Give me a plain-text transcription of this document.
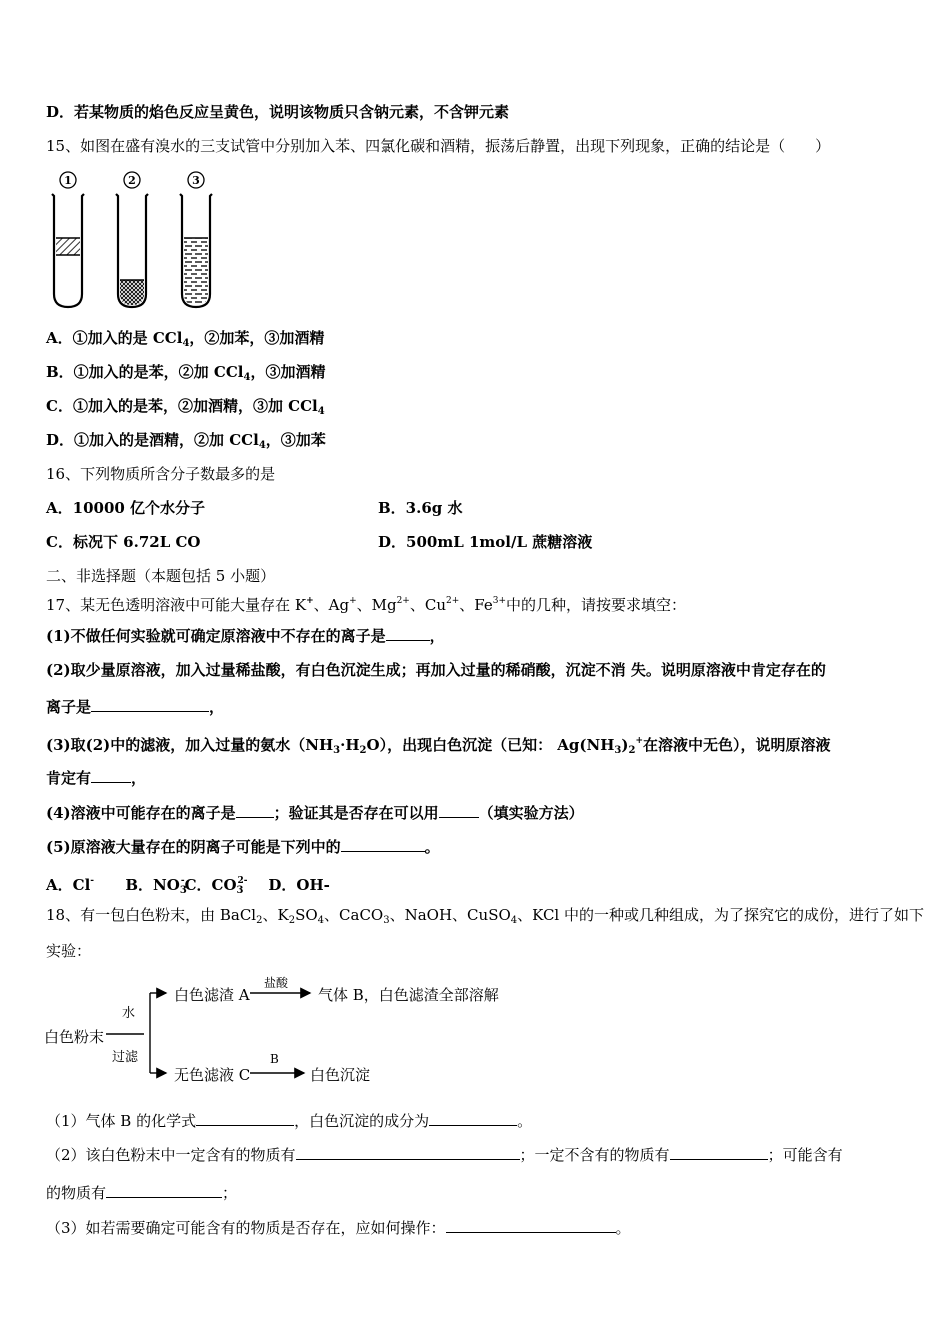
D．若某物质的焰色反应呈黄色，说明该物质只含钠元素，不含钾元素
15、如图在盛有溴水的三支试管中分别加入苯、四氯化碳和酒精，振荡后静置，出现下列现象，正确的结论是（　　）
1	2	3
A．①加入的是 CCl$_4$，②加苯，③加酒精
B．①加入的是苯，②加 CCl$_4$，③加酒精
C．①加入的是苯，②加酒精，③加 CCl$_4$
D．①加入的是酒精，②加 CCl$_4$，③加苯
16、下列物质所含分子数最多的是
A．10000 亿个水分子	B．3.6g 水
C．标况下 6.72L CO	D．500mL 1mol/L 蔗糖溶液
二、非选择题（本题包括 5 小题）
17、某无色透明溶液中可能大量存在 K+、Ag+、$Mg^{2+}$、$Cu^{2+}$、$Fe^{3+}$中的几种，请按要求填空：
(1)不做任何实验就可确定原溶液中不存在的离子是	，
(2)取少量原溶液，加入过量稀盐酸，有白色沉淀生成；再加入过量的稀硝酸，沉淀不消 失。说明原溶液中肯定存在的
离子是	，
(3)取(2)中的滤液，加入过量的氨水$(NH_3\cdot H_2O)$，出现白色沉淀（已知： $Ag(NH_3)_2^+$在溶液中无色），说明原溶液
肯定有	，
(4)溶液中可能存在的离子是	；验证其是否存在可以用	（填实验方法）
(5)原溶液大量存在的阴离子可能是下列中的	。
A．Cl- B．$NO_3^-C$．$CO_3^{2-}$ D．OH-
18、有一包白色粉末，由 BaCl$_2$、$K_2SO_4$、CaCO$_3$、NaOH、CuSO$_4$、KCl 中的一种或几种组成，为了探究它的成份，进行了如下
实验：
白色粉末
水
过滤
白色滤渣 A
盐酸
气体 B，白色滤渣全部溶解
无色滤液 C
B
白色沉淀
（1）气体 B 的化学式	，白色沉淀的成分为	。
（2）该白色粉末中一定含有的物质有	；一定不含有的物质有	；可能含有
的物质有	；
（3）如若需要确定可能含有的物质是否存在，应如何操作：	。
